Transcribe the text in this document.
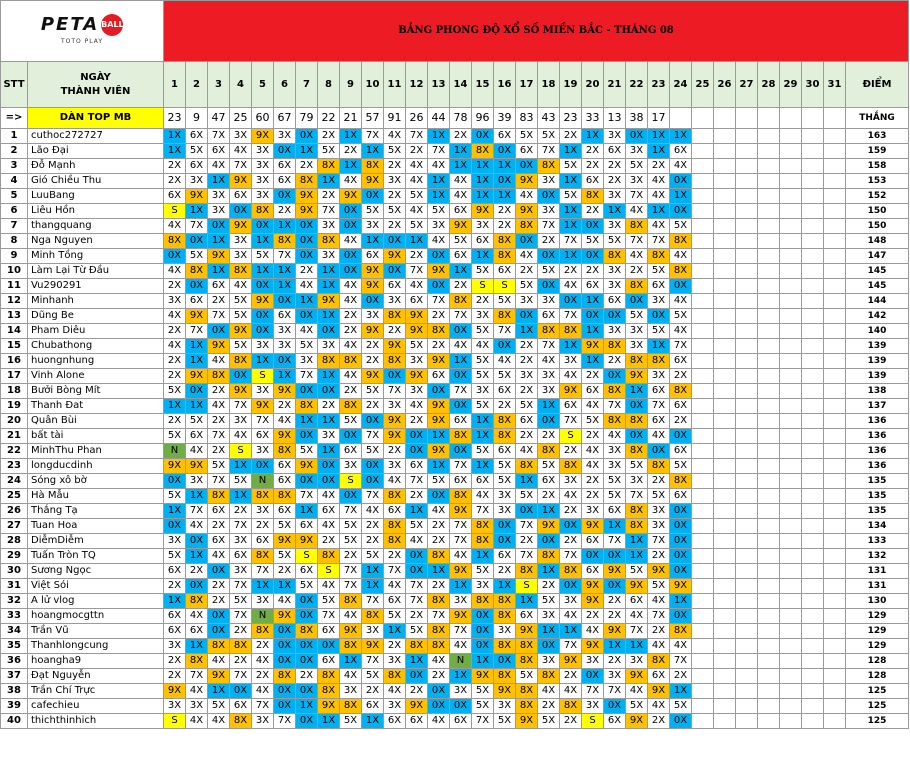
PETA BALL
TOTO PLAY		BẢNG PHONG ĐỘ XỔ SỐ MIỀN BẮC - THÁNG 08																															
STT	NGÀY
THÀNH VIÊN	1	2	3	4	5	6	7	8	9	10	11	12	13	14	15	16	17	18	19	20	21	22	23	24	25	26	27	28	29	30	31	ĐIỂM
=>	DÀN TOP MB	23	9	47	25	60	67	79	22	21	57	91	26	44	78	96	39	83	43	23	33	13	38	17									THẮNG
1	cuthoc272727	1X	6X	7X	3X	9X	3X	0X	2X	1X	7X	4X	7X	1X	2X	0X	6X	5X	5X	2X	1X	3X	0X	1X	1X								163
2	Lão Đại	1X	5X	6X	4X	3X	0X	1X	5X	2X	1X	5X	2X	7X	1X	8X	0X	6X	7X	1X	2X	6X	3X	1X	6X								159
3	Đỗ Mạnh	2X	6X	4X	7X	3X	6X	2X	8X	1X	8X	2X	4X	4X	1X	1X	1X	0X	8X	5X	2X	2X	5X	2X	4X								158
4	Gió Chiều Thu	2X	3X	1X	9X	3X	6X	8X	1X	4X	9X	3X	4X	1X	4X	1X	0X	9X	3X	1X	6X	2X	3X	4X	0X								153
5	LuuBang	6X	9X	3X	6X	3X	0X	9X	2X	9X	0X	2X	5X	1X	4X	1X	1X	4X	0X	5X	8X	3X	7X	4X	1X								152
6	Liêu Hồn	S	1X	3X	0X	8X	2X	9X	7X	0X	5X	5X	4X	5X	6X	9X	2X	9X	3X	1X	2X	1X	4X	1X	0X								150
7	thangquang	4X	7X	0X	9X	0X	1X	0X	3X	0X	3X	2X	5X	3X	9X	3X	2X	8X	7X	1X	0X	3X	8X	4X	5X								150
8	Nga Nguyen	8X	0X	1X	3X	1X	8X	0X	8X	4X	1X	0X	1X	4X	5X	6X	8X	0X	2X	7X	5X	5X	7X	7X	8X								148
9	Minh Tồng	0X	5X	9X	3X	5X	7X	0X	3X	0X	6X	9X	2X	0X	6X	1X	8X	4X	0X	1X	0X	8X	4X	8X	4X								147
10	Làm Lại Từ Đầu	4X	8X	1X	8X	1X	1X	2X	1X	0X	9X	0X	7X	9X	1X	5X	6X	2X	5X	2X	2X	3X	2X	5X	8X								145
11	Vu290291	2X	0X	6X	4X	0X	1X	4X	1X	4X	9X	6X	4X	0X	2X	S	S	5X	0X	4X	6X	3X	8X	6X	0X								145
12	Minhanh	3X	6X	2X	5X	9X	0X	1X	9X	4X	0X	3X	6X	7X	8X	2X	5X	3X	3X	0X	1X	6X	0X	3X	4X								144
13	Dũng Be	4X	9X	7X	5X	0X	6X	0X	1X	2X	3X	8X	9X	2X	7X	3X	8X	0X	6X	7X	0X	0X	5X	0X	5X								142
14	Pham Diêu	2X	7X	0X	9X	0X	3X	4X	0X	2X	9X	2X	9X	8X	0X	5X	7X	1X	8X	8X	1X	3X	3X	5X	4X								140
15	Chubathong	4X	1X	9X	5X	3X	3X	5X	3X	4X	2X	9X	5X	2X	4X	4X	0X	2X	7X	1X	9X	8X	3X	1X	7X								139
16	huongnhung	2X	1X	4X	8X	1X	0X	3X	8X	8X	2X	8X	3X	9X	1X	5X	4X	2X	4X	3X	1X	2X	8X	8X	6X								139
17	Vinh Alone	2X	9X	8X	0X	S	1X	7X	1X	4X	9X	0X	9X	6X	0X	5X	5X	3X	3X	4X	2X	0X	9X	3X	2X								139
18	Bưởi Bòng Mít	5X	0X	2X	9X	3X	9X	0X	0X	2X	5X	7X	3X	0X	7X	3X	6X	2X	3X	9X	6X	8X	1X	6X	8X								138
19	Thanh Đat	1X	1X	4X	7X	9X	2X	8X	2X	8X	2X	3X	4X	9X	0X	5X	2X	5X	1X	6X	4X	7X	0X	7X	6X								137
20	Quân Bùi	2X	5X	2X	3X	7X	4X	1X	1X	5X	0X	9X	2X	9X	6X	1X	8X	6X	0X	7X	5X	8X	8X	6X	2X								136
21	bất tài	5X	6X	7X	4X	6X	9X	0X	3X	0X	7X	9X	0X	1X	8X	1X	8X	2X	2X	S	2X	4X	0X	4X	0X								136
22	MinhThu Phan	N	4X	2X	S	3X	8X	5X	1X	6X	5X	2X	0X	9X	0X	5X	6X	4X	8X	2X	4X	3X	8X	0X	6X								136
23	longducdinh	9X	9X	5X	1X	0X	6X	9X	0X	3X	0X	3X	6X	1X	7X	1X	5X	8X	5X	8X	4X	3X	5X	8X	5X								136
24	Sóng xô bờ	0X	3X	7X	5X	N	6X	0X	0X	S	0X	4X	7X	5X	6X	6X	5X	1X	6X	3X	2X	5X	3X	2X	8X								135
25	Hà Mẫu	5X	1X	8X	1X	8X	8X	7X	4X	0X	7X	8X	2X	0X	8X	4X	3X	5X	2X	4X	2X	5X	7X	5X	6X								135
26	Thắng Tạ	1X	7X	6X	2X	3X	6X	1X	6X	7X	4X	6X	1X	4X	9X	7X	3X	0X	1X	2X	3X	6X	8X	3X	0X								135
27	Tuan Hoa	0X	4X	2X	7X	2X	5X	6X	4X	5X	2X	8X	5X	2X	7X	8X	0X	7X	9X	0X	9X	1X	8X	3X	0X								134
28	DiễmDiễm	3X	0X	6X	3X	6X	9X	9X	2X	5X	2X	8X	4X	2X	7X	8X	0X	2X	0X	2X	6X	7X	1X	7X	0X								133
29	Tuấn Tròn TQ	5X	1X	4X	6X	8X	5X	S	8X	2X	5X	2X	0X	8X	4X	1X	6X	7X	8X	7X	0X	0X	1X	2X	0X								132
30	Sương Ngọc	6X	2X	0X	3X	7X	2X	6X	S	7X	1X	7X	0X	1X	9X	5X	2X	8X	1X	8X	6X	9X	5X	9X	0X								131
31	Việt Sói	2X	0X	2X	7X	1X	1X	5X	4X	7X	1X	4X	7X	2X	1X	3X	1X	S	2X	0X	9X	0X	9X	5X	9X								131
32	A lử vlog	1X	8X	2X	5X	3X	4X	0X	5X	8X	7X	6X	7X	8X	3X	8X	8X	1X	5X	3X	9X	2X	6X	4X	1X								130
33	hoangmocgttn	6X	4X	0X	7X	N	9X	0X	7X	4X	8X	5X	2X	7X	9X	0X	8X	6X	3X	4X	2X	2X	4X	7X	0X								129
34	Trần Vũ	6X	6X	0X	2X	8X	0X	8X	6X	9X	3X	1X	5X	8X	7X	0X	3X	9X	1X	1X	4X	9X	7X	2X	8X								129
35	Thanhlongcung	3X	1X	8X	8X	2X	0X	0X	0X	8X	9X	2X	8X	8X	4X	0X	8X	8X	0X	7X	9X	1X	1X	4X	4X								129
36	hoangha9	2X	8X	4X	2X	4X	0X	0X	6X	1X	7X	3X	1X	4X	N	1X	0X	8X	3X	9X	3X	2X	3X	8X	7X								128
37	Đạt Nguyễn	2X	7X	9X	7X	2X	8X	2X	8X	4X	5X	8X	0X	2X	1X	9X	8X	5X	8X	2X	0X	3X	9X	6X	2X								128
38	Trần Chí Trực	9X	4X	1X	0X	4X	0X	0X	8X	3X	2X	4X	2X	0X	3X	5X	9X	8X	4X	4X	7X	7X	4X	9X	1X								125
39	cafechieu	3X	3X	5X	6X	7X	0X	1X	9X	8X	6X	3X	9X	0X	0X	5X	3X	8X	2X	8X	3X	0X	5X	4X	5X								125
40	thichthinhich	S	4X	4X	8X	3X	7X	0X	1X	5X	1X	6X	6X	4X	6X	7X	5X	9X	5X	2X	S	6X	9X	2X	0X								125
